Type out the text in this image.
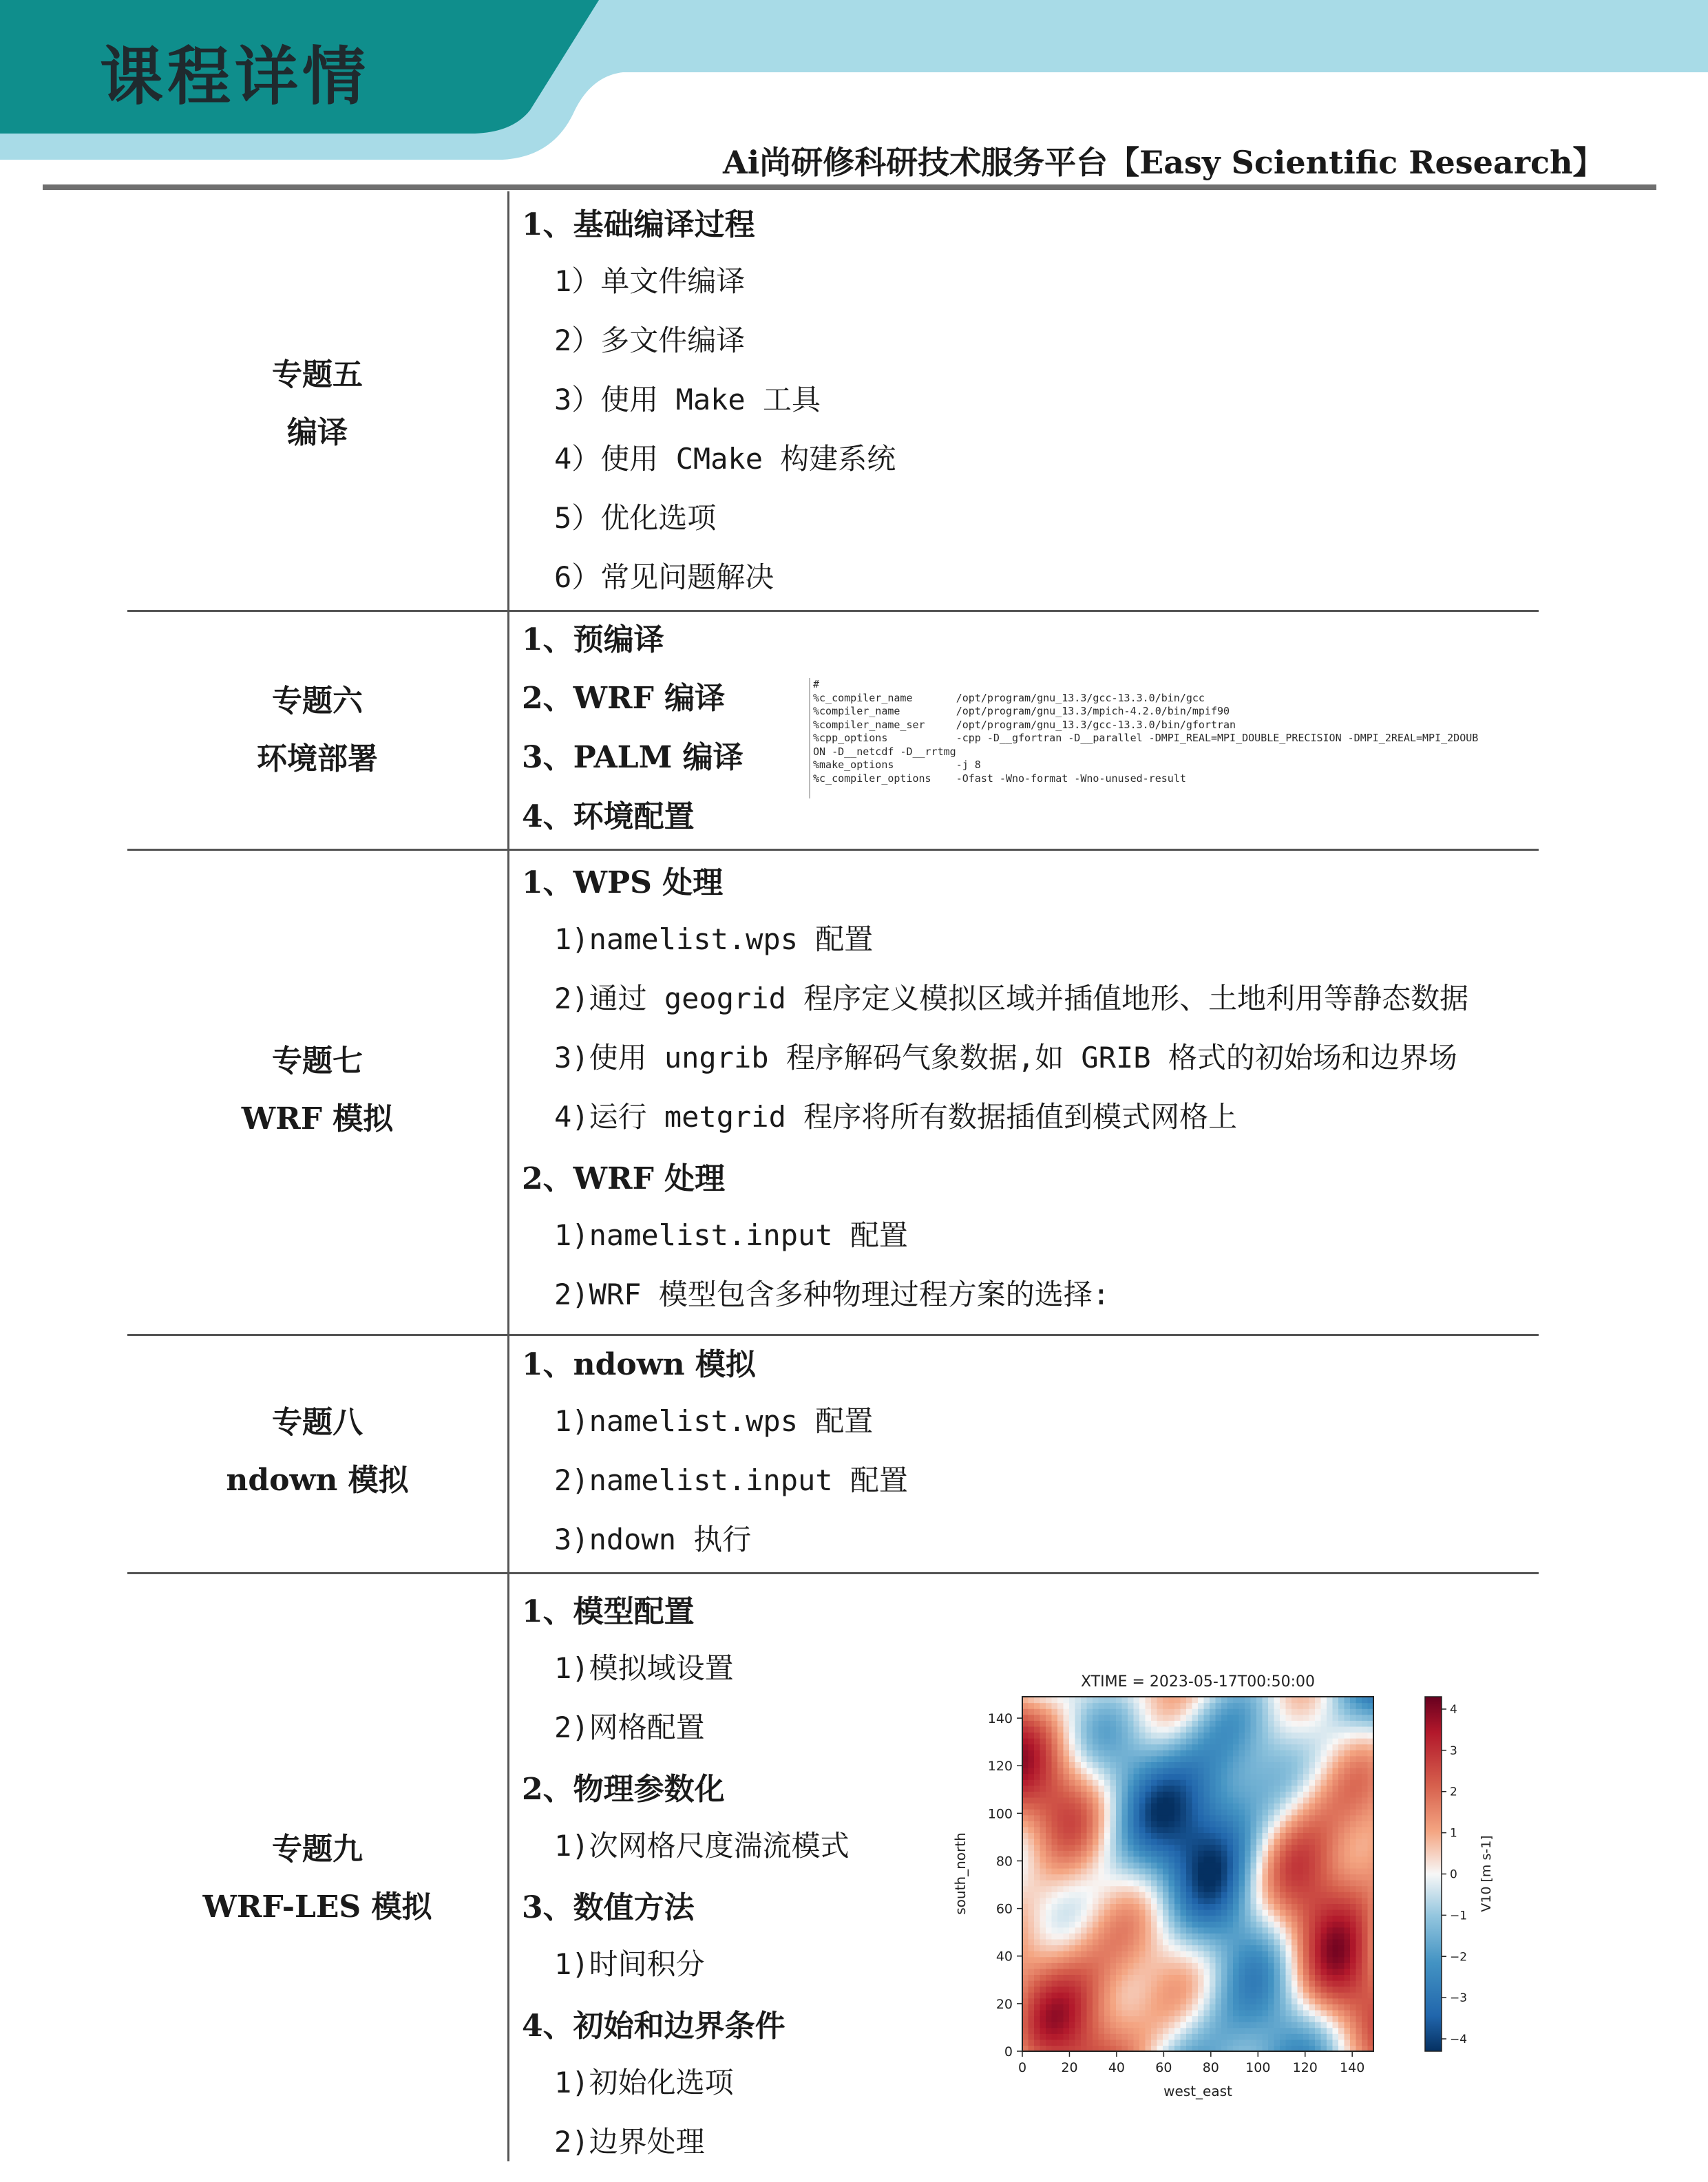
课程详情
Ai尚研修科研技术服务平台【Easy Scientific Research】
专题五
编译
1、基础编译过程
1）单文件编译
2）多文件编译
3）使用 Make 工具
4）使用 CMake 构建系统
5）优化选项
6）常见问题解决
专题六
环境部署
1、预编译
2、WRF 编译
3、PALM 编译
4、环境配置
#
%c_compiler_name       /opt/program/gnu_13.3/gcc-13.3.0/bin/gcc
%compiler_name         /opt/program/gnu_13.3/mpich-4.2.0/bin/mpif90
%compiler_name_ser     /opt/program/gnu_13.3/gcc-13.3.0/bin/gfortran
%cpp_options           -cpp -D__gfortran -D__parallel -DMPI_REAL=MPI_DOUBLE_PRECISION -DMPI_2REAL=MPI_2DOUB
ON -D__netcdf -D__rrtmg
%make_options          -j 8
%c_compiler_options    -Ofast -Wno-format -Wno-unused-result
专题七
WRF 模拟
1、WPS 处理
1)namelist.wps 配置
2)通过 geogrid 程序定义模拟区域并插值地形、土地利用等静态数据
3)使用 ungrib 程序解码气象数据,如 GRIB 格式的初始场和边界场
4)运行 metgrid 程序将所有数据插值到模式网格上
2、WRF 处理
1)namelist.input 配置
2)WRF 模型包含多种物理过程方案的选择:
专题八
ndown 模拟
1、ndown 模拟
1)namelist.wps 配置
2)namelist.input 配置
3)ndown 执行
专题九
WRF-LES 模拟
1、模型配置
1)模拟域设置
2)网格配置
2、物理参数化
1)次网格尺度湍流模式
3、数值方法
1)时间积分
4、初始和边界条件
1)初始化选项
2)边界处理
XTIME = 2023-05-17T00:50:00
0	20 40 60 80 100 120 140
0
20
40
60
80
100
120
140
west_east
south_north
−4
−3
−2
−1
0
1
2
3
4
V10 [m s-1]
